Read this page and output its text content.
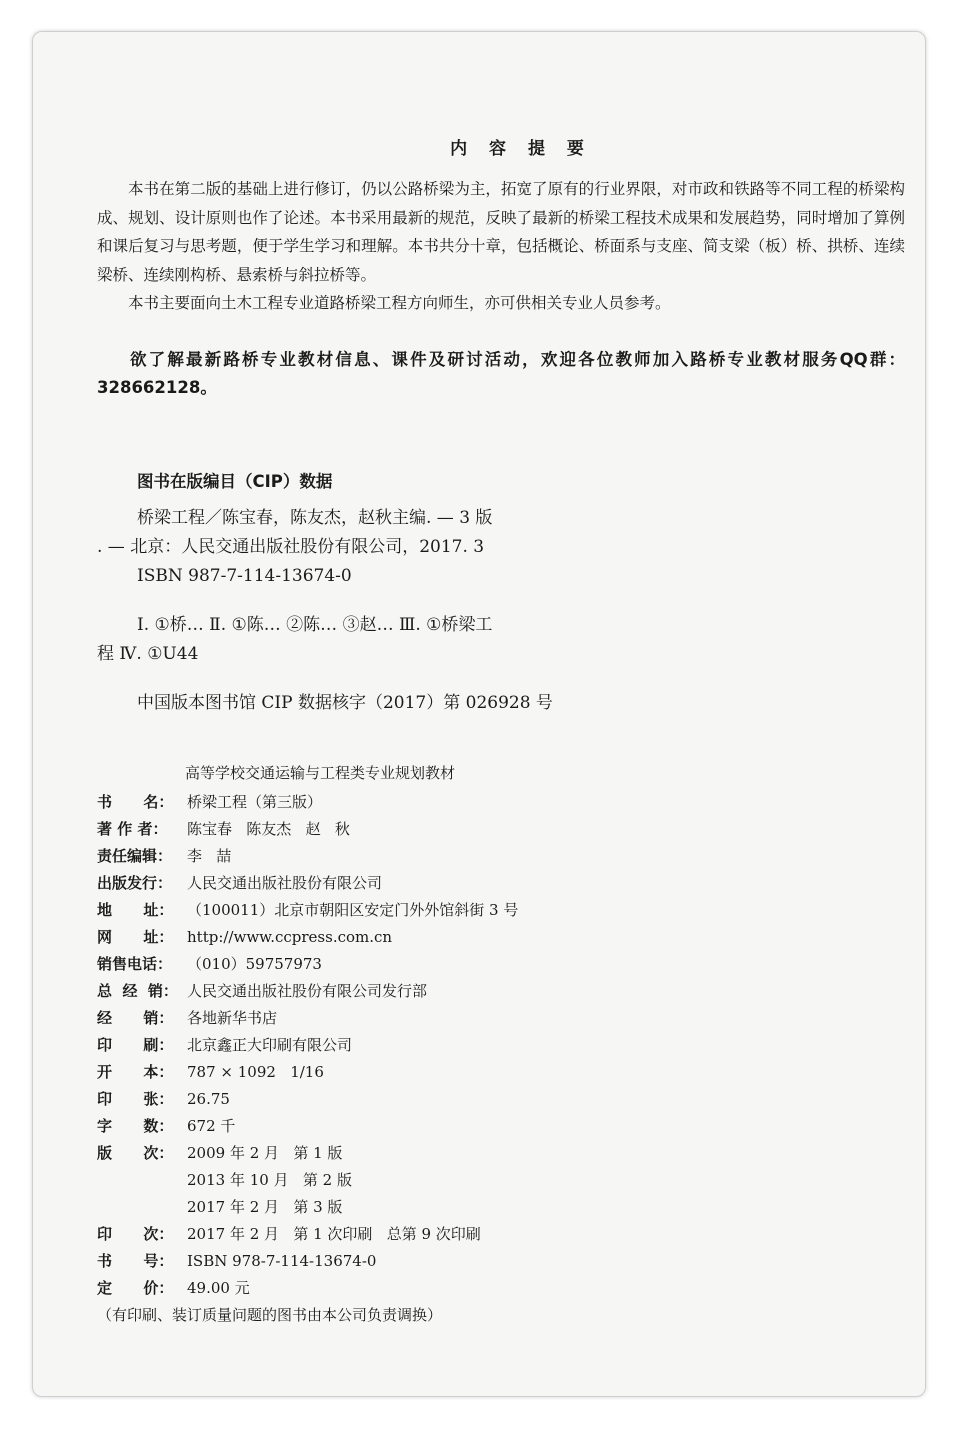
内 容 提 要

本书在第二版的基础上进行修订，仍以公路桥梁为主，拓宽了原有的行业界限，对市政和铁路等不同工程的桥梁构成、规划、设计原则也作了论述。本书采用最新的规范，反映了最新的桥梁工程技术成果和发展趋势，同时增加了算例和课后复习与思考题，便于学生学习和理解。本书共分十章，包括概论、桥面系与支座、简支梁（板）桥、拱桥、连续梁桥、连续刚构桥、悬索桥与斜拉桥等。

本书主要面向土木工程专业道路桥梁工程方向师生，亦可供相关专业人员参考。

欲了解最新路桥专业教材信息、课件及研讨活动，欢迎各位教师加入路桥专业教材服务QQ群：328662128。

图书在版编目（CIP）数据

桥梁工程／陈宝春，陈友杰，赵秋主编. — 3 版

. — 北京：人民交通出版社股份有限公司，2017. 3

ISBN 987-7-114-13674-0

Ⅰ. ①桥… Ⅱ. ①陈… ②陈… ③赵… Ⅲ. ①桥梁工

程 Ⅳ. ①U44

中国版本图书馆 CIP 数据核字（2017）第 026928 号

高等学校交通运输与工程类专业规划教材
书      名： 桥梁工程（第三版）
著 作 者：	陈宝春   陈友杰   赵   秋
责任编辑： 李   喆
出版发行： 人民交通出版社股份有限公司
地      址： （100011）北京市朝阳区安定门外外馆斜街 3 号
网      址： http://www.ccpress.com.cn
销售电话： （010）59757973
总  经  销： 人民交通出版社股份有限公司发行部
经      销： 各地新华书店
印      刷： 北京鑫正大印刷有限公司
开      本： 787 × 1092   1/16
印      张： 26.75
字      数： 672 千
版      次： 2009 年 2 月   第 1 版
2013 年 10 月   第 2 版
2017 年 2 月   第 3 版
印      次： 2017 年 2 月   第 1 次印刷   总第 9 次印刷
书      号： ISBN 978-7-114-13674-0
定      价： 49.00 元
（有印刷、装订质量问题的图书由本公司负责调换）
